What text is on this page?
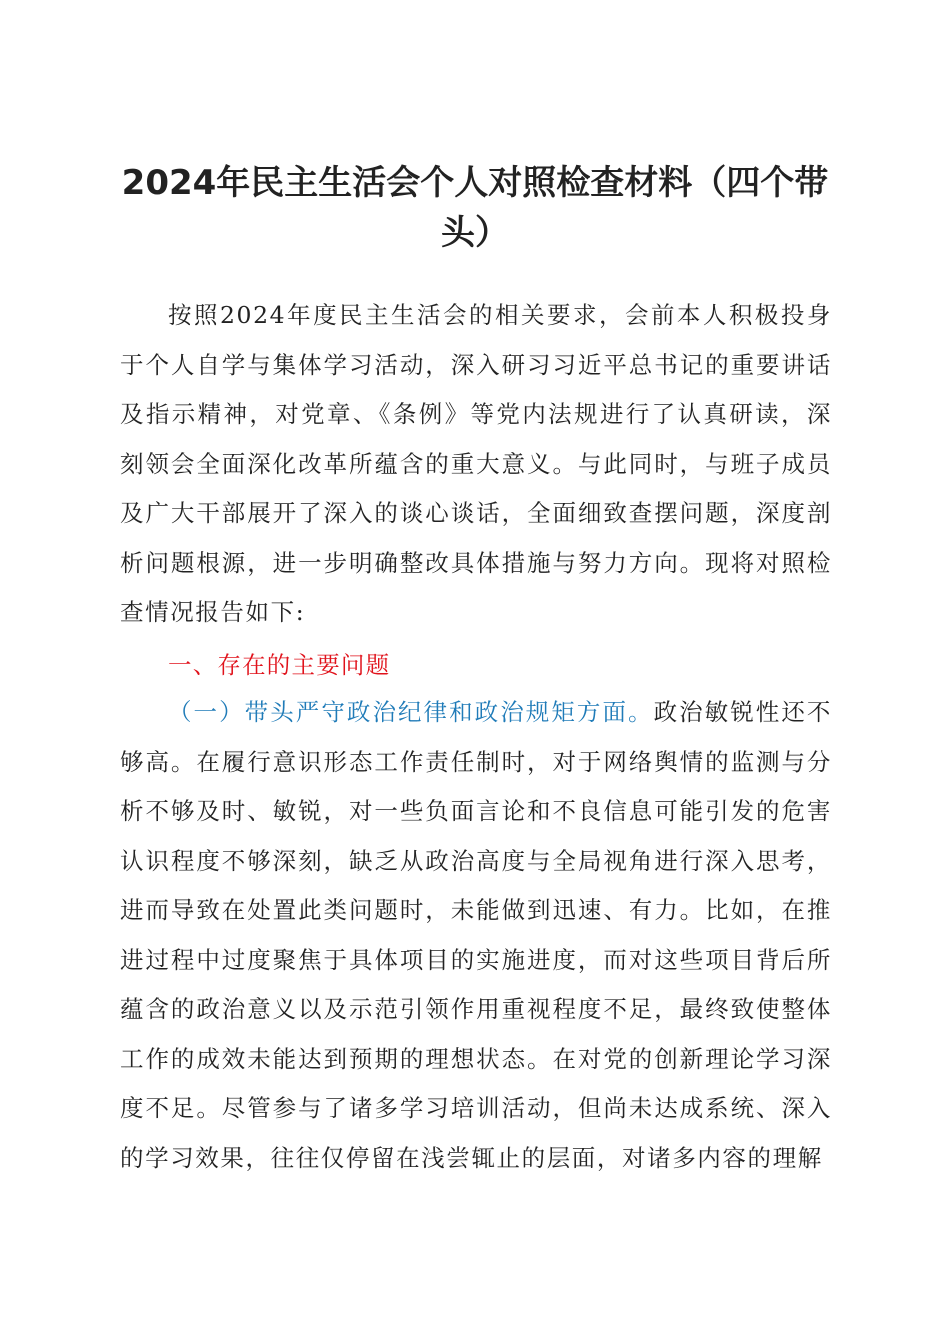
2024年民主生活会个人对照检查材料（四个带头）

按照2024年度民主生活会的相关要求，会前本人积极投身于个人自学与集体学习活动，深入研习习近平总书记的重要讲话及指示精神，对党章、《条例》等党内法规进行了认真研读，深刻领会全面深化改革所蕴含的重大意义。与此同时，与班子成员及广大干部展开了深入的谈心谈话，全面细致查摆问题，深度剖析问题根源，进一步明确整改具体措施与努力方向。现将对照检查情况报告如下:

一、存在的主要问题

（一）带头严守政治纪律和政治规矩方面。政治敏锐性还不够高。在履行意识形态工作责任制时，对于网络舆情的监测与分析不够及时、敏锐，对一些负面言论和不良信息可能引发的危害认识程度不够深刻，缺乏从政治高度与全局视角进行深入思考，进而导致在处置此类问题时，未能做到迅速、有力。比如，在推进过程中过度聚焦于具体项目的实施进度，而对这些项目背后所蕴含的政治意义以及示范引领作用重视程度不足，最终致使整体工作的成效未能达到预期的理想状态。在对党的创新理论学习深度不足。尽管参与了诸多学习培训活动，但尚未达成系统、深入的学习效果，往往仅停留在浅尝辄止的层面，对诸多内容的理解
